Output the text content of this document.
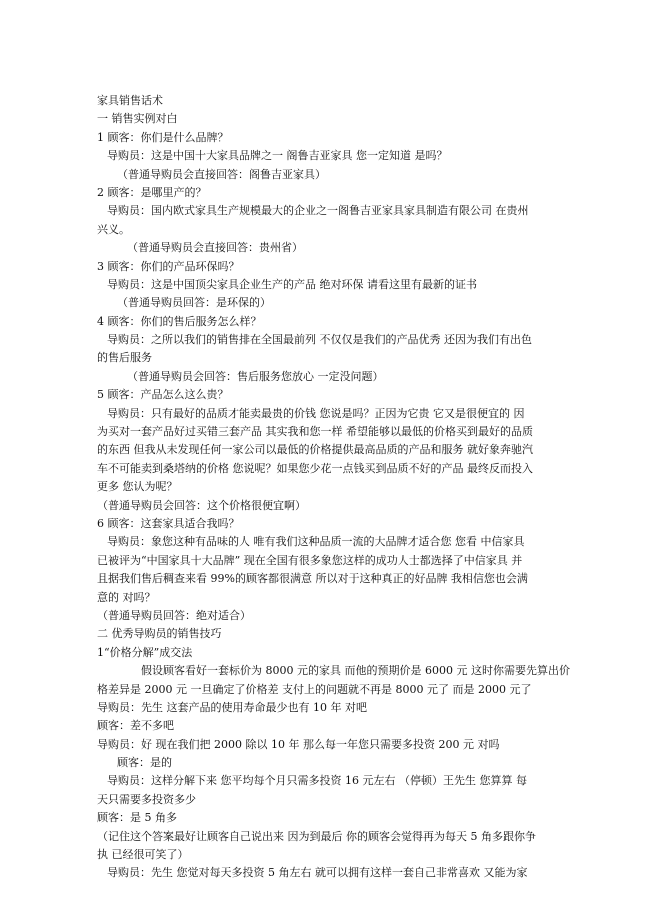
家具销售话术
一 销售实例对白
1 顾客：你们是什么品牌？
导购员：这是中国十大家具品牌之一 阁鲁吉亚家具 您一定知道 是吗？
（普通导购员会直接回答：阁鲁吉亚家具）
2 顾客：是哪里产的？
导购员：国内欧式家具生产规模最大的企业之一阁鲁吉亚家具家具制造有限公司 在贵州
兴义。
（普通导购员会直接回答：贵州省）
3 顾客：你们的产品环保吗？
导购员：这是中国顶尖家具企业生产的产品 绝对环保 请看这里有最新的证书
（普通导购员回答：是环保的）
4 顾客：你们的售后服务怎么样？
导购员：之所以我们的销售排在全国最前列 不仅仅是我们的产品优秀 还因为我们有出色
的售后服务
（普通导购员会回答：售后服务您放心 一定没问题）
5 顾客：产品怎么这么贵？
导购员：只有最好的品质才能卖最贵的价钱 您说是吗？正因为它贵 它又是很便宜的 因
为买对一套产品好过买错三套产品 其实我和您一样 希望能够以最低的价格买到最好的品质
的东西 但我从未发现任何一家公司以最低的价格提供最高品质的产品和服务 就好象奔驰汽
车不可能卖到桑塔纳的价格 您说呢？如果您少花一点钱买到品质不好的产品 最终反而投入
更多 您认为呢？
（普通导购员会回答：这个价格很便宜啊）
6 顾客：这套家具适合我吗？
导购员：象您这种有品味的人 唯有我们这种品质一流的大品牌才适合您 您看 中信家具
已被评为“中国家具十大品牌” 现在全国有很多象您这样的成功人士都选择了中信家具 并
且据我们售后稠查来看 99%的顾客都很满意 所以对于这种真正的好品牌 我相信您也会满
意的 对吗？
（普通导购员回答：绝对适合）
二 优秀导购员的销售技巧
1“价格分解”成交法
假设顾客看好一套标价为 8000 元的家具 而他的预期价是 6000 元 这时你需要先算出价
格差异是 2000 元 一旦确定了价格差 支付上的问题就不再是 8000 元了 而是 2000 元了
导购员：先生 这套产品的使用寿命最少也有 10 年 对吧
顾客：差不多吧
导购员：好 现在我们把 2000 除以 10 年 那么每一年您只需要多投资 200 元 对吗
顾客：是的
导购员：这样分解下来 您平均每个月只需多投资 16 元左右 （停顿）王先生 您算算 每
天只需要多投资多少
顾客：是 5 角多
（记住这个答案最好让顾客自己说出来 因为到最后 你的顾客会觉得再为每天 5 角多跟你争
执 已经很可笑了）
导购员：先生 您觉对每天多投资 5 角左右 就可以拥有这样一套自己非常喜欢 又能为家
